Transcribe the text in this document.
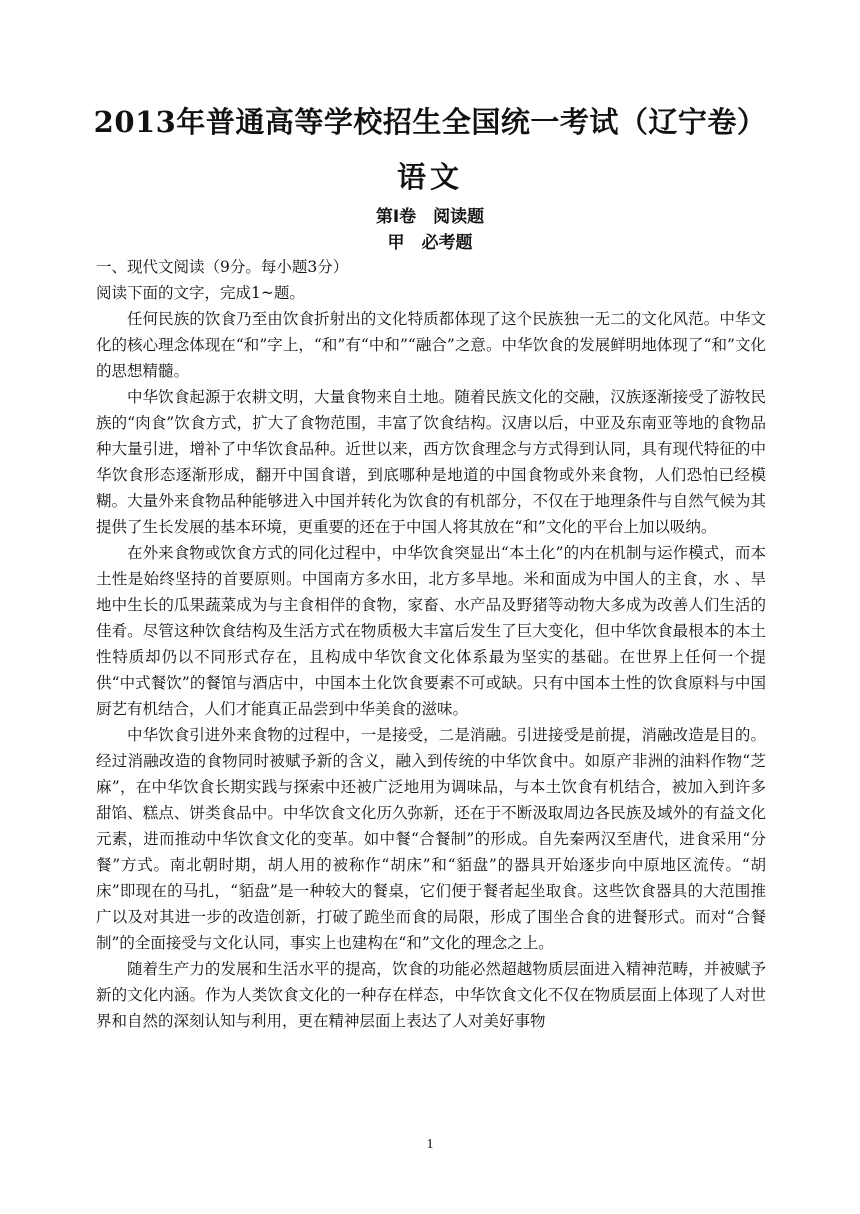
2013年普通高等学校招生全国统一考试（辽宁卷）
语文
第Ⅰ卷　阅读题
甲　必考题

一、现代文阅读（9分。每小题3分）

阅读下面的文字，完成1~题。

任何民族的饮食乃至由饮食折射出的文化特质都体现了这个民族独一无二的文化风范。中华文化的核心理念体现在“和”字上，“和”有“中和”“融合”之意。中华饮食的发展鲜明地体现了“和”文化的思想精髓。

中华饮食起源于农耕文明，大量食物来自土地。随着民族文化的交融，汉族逐渐接受了游牧民族的“肉食”饮食方式，扩大了食物范围，丰富了饮食结构。汉唐以后，中亚及东南亚等地的食物品种大量引进，增补了中华饮食品种。近世以来，西方饮食理念与方式得到认同，具有现代特征的中华饮食形态逐渐形成，翻开中国食谱，到底哪种是地道的中国食物或外来食物，人们恐怕已经模糊。大量外来食物品种能够进入中国并转化为饮食的有机部分，不仅在于地理条件与自然气候为其提供了生长发展的基本环境，更重要的还在于中国人将其放在“和”文化的平台上加以吸纳。

在外来食物或饮食方式的同化过程中，中华饮食突显出“本土化”的内在机制与运作模式，而本土性是始终坚持的首要原则。中国南方多水田，北方多旱地。米和面成为中国人的主食，水 、旱地中生长的瓜果蔬菜成为与主食相伴的食物，家畜、水产品及野猪等动物大多成为改善人们生活的佳肴。尽管这种饮食结构及生活方式在物质极大丰富后发生了巨大变化，但中华饮食最根本的本土性特质却仍以不同形式存在，且构成中华饮食文化体系最为坚实的基础。在世界上任何一个提供“中式餐饮”的餐馆与酒店中，中国本土化饮食要素不可或缺。只有中国本土性的饮食原料与中国厨艺有机结合，人们才能真正品尝到中华美食的滋味。

中华饮食引进外来食物的过程中，一是接受，二是消融。引进接受是前提，消融改造是目的。经过消融改造的食物同时被赋予新的含义，融入到传统的中华饮食中。如原产非洲的油料作物“芝麻”，在中华饮食长期实践与探索中还被广泛地用为调味品，与本土饮食有机结合，被加入到许多甜馅、糕点、饼类食品中。中华饮食文化历久弥新，还在于不断汲取周边各民族及域外的有益文化元素，进而推动中华饮食文化的变革。如中餐“合餐制”的形成。自先秦两汉至唐代，进食采用“分餐”方式。南北朝时期，胡人用的被称作“胡床”和“貊盘”的器具开始逐步向中原地区流传。“胡床”即现在的马扎，“貊盘”是一种较大的餐桌，它们便于餐者起坐取食。这些饮食器具的大范围推广以及对其进一步的改造创新，打破了跪坐而食的局限，形成了围坐合食的进餐形式。而对“合餐制”的全面接受与文化认同，事实上也建构在“和”文化的理念之上。

随着生产力的发展和生活水平的提高，饮食的功能必然超越物质层面进入精神范畴，并被赋予新的文化内涵。作为人类饮食文化的一种存在样态，中华饮食文化不仅在物质层面上体现了人对世界和自然的深刻认知与利用，更在精神层面上表达了人对美好事物

1
